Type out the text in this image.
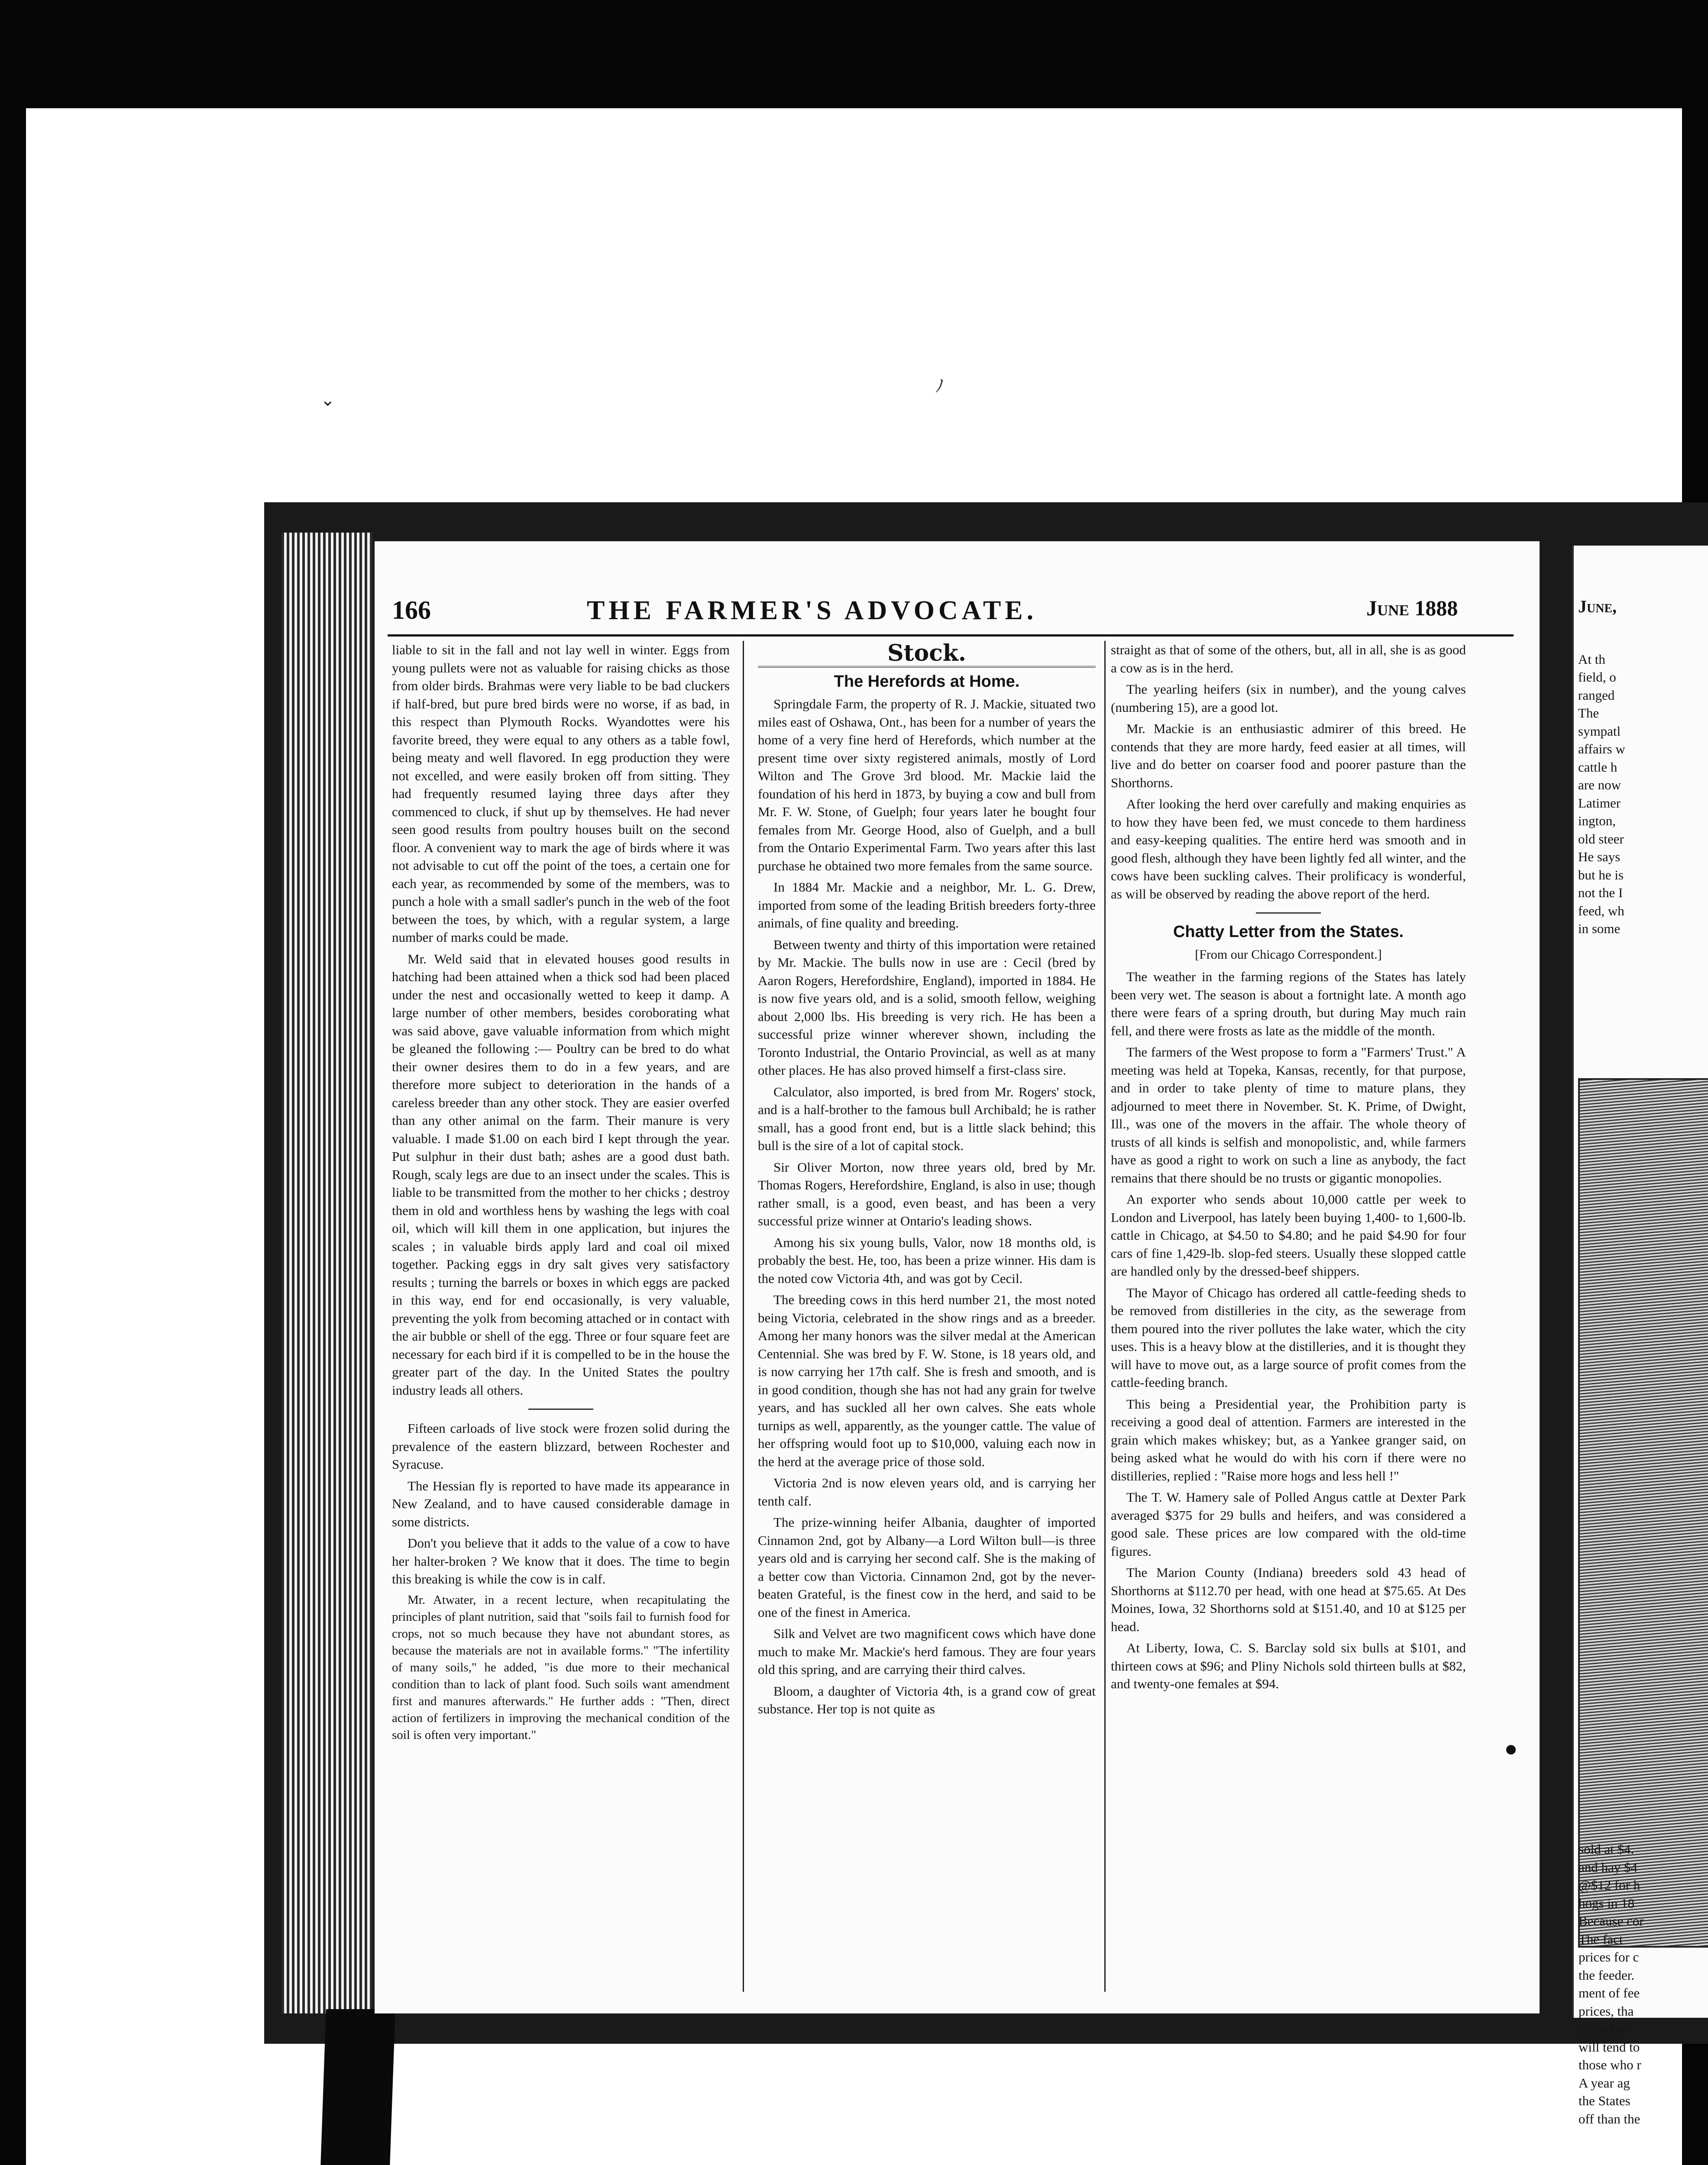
ﾉ
⌄
166	THE FARMER'S ADVOCATE.	June 1888

liable to sit in the fall and not lay well in winter. Eggs from young pullets were not as valuable for raising chicks as those from older birds. Brahmas were very liable to be bad cluckers if half-bred, but pure bred birds were no worse, if as bad, in this respect than Plymouth Rocks. Wyandottes were his favorite breed, they were equal to any others as a table fowl, being meaty and well flavored. In egg production they were not excelled, and were easily broken off from sitting. They had frequently resumed laying three days after they commenced to cluck, if shut up by themselves. He had never seen good results from poultry houses built on the second floor. A convenient way to mark the age of birds where it was not advisable to cut off the point of the toes, a certain one for each year, as recommended by some of the members, was to punch a hole with a small sadler's punch in the web of the foot between the toes, by which, with a regular system, a large number of marks could be made.

Mr. Weld said that in elevated houses good results in hatching had been attained when a thick sod had been placed under the nest and occasionally wetted to keep it damp. A large number of other members, besides coroborating what was said above, gave valuable information from which might be gleaned the following :— Poultry can be bred to do what their owner desires them to do in a few years, and are therefore more subject to deterioration in the hands of a careless breeder than any other stock. They are easier overfed than any other animal on the farm. Their manure is very valuable. I made $1.00 on each bird I kept through the year. Put sulphur in their dust bath; ashes are a good dust bath. Rough, scaly legs are due to an insect under the scales. This is liable to be transmitted from the mother to her chicks ; destroy them in old and worthless hens by washing the legs with coal oil, which will kill them in one application, but injures the scales ; in valuable birds apply lard and coal oil mixed together. Packing eggs in dry salt gives very satisfactory results ; turning the barrels or boxes in which eggs are packed in this way, end for end occasionally, is very valuable, preventing the yolk from becoming attached or in contact with the air bubble or shell of the egg. Three or four square feet are necessary for each bird if it is compelled to be in the house the greater part of the day. In the United States the poultry industry leads all others.

Fifteen carloads of live stock were frozen solid during the prevalence of the eastern blizzard, between Rochester and Syracuse.

The Hessian fly is reported to have made its appearance in New Zealand, and to have caused considerable damage in some districts.

Don't you believe that it adds to the value of a cow to have her halter-broken ? We know that it does. The time to begin this breaking is while the cow is in calf.

Mr. Atwater, in a recent lecture, when recapitulating the principles of plant nutrition, said that "soils fail to furnish food for crops, not so much because they have not abundant stores, as because the materials are not in available forms." "The infertility of many soils," he added, "is due more to their mechanical condition than to lack of plant food. Such soils want amendment first and manures afterwards." He further adds : "Then, direct action of fertilizers in improving the mechanical condition of the soil is often very important."

Stock.
The Herefords at Home.

Springdale Farm, the property of R. J. Mackie, situated two miles east of Oshawa, Ont., has been for a number of years the home of a very fine herd of Herefords, which number at the present time over sixty registered animals, mostly of Lord Wilton and The Grove 3rd blood. Mr. Mackie laid the foundation of his herd in 1873, by buying a cow and bull from Mr. F. W. Stone, of Guelph; four years later he bought four females from Mr. George Hood, also of Guelph, and a bull from the Ontario Experimental Farm. Two years after this last purchase he obtained two more females from the same source.

In 1884 Mr. Mackie and a neighbor, Mr. L. G. Drew, imported from some of the leading British breeders forty-three animals, of fine quality and breeding.

Between twenty and thirty of this importation were retained by Mr. Mackie. The bulls now in use are : Cecil (bred by Aaron Rogers, Herefordshire, England), imported in 1884. He is now five years old, and is a solid, smooth fellow, weighing about 2,000 lbs. His breeding is very rich. He has been a successful prize winner wherever shown, including the Toronto Industrial, the Ontario Provincial, as well as at many other places. He has also proved himself a first-class sire.

Calculator, also imported, is bred from Mr. Rogers' stock, and is a half-brother to the famous bull Archibald; he is rather small, has a good front end, but is a little slack behind; this bull is the sire of a lot of capital stock.

Sir Oliver Morton, now three years old, bred by Mr. Thomas Rogers, Herefordshire, England, is also in use; though rather small, is a good, even beast, and has been a very successful prize winner at Ontario's leading shows.

Among his six young bulls, Valor, now 18 months old, is probably the best. He, too, has been a prize winner. His dam is the noted cow Victoria 4th, and was got by Cecil.

The breeding cows in this herd number 21, the most noted being Victoria, celebrated in the show rings and as a breeder. Among her many honors was the silver medal at the American Centennial. She was bred by F. W. Stone, is 18 years old, and is now carrying her 17th calf. She is fresh and smooth, and is in good condition, though she has not had any grain for twelve years, and has suckled all her own calves. She eats whole turnips as well, apparently, as the younger cattle. The value of her offspring would foot up to $10,000, valuing each now in the herd at the average price of those sold.

Victoria 2nd is now eleven years old, and is carrying her tenth calf.

The prize-winning heifer Albania, daughter of imported Cinnamon 2nd, got by Albany—a Lord Wilton bull—is three years old and is carrying her second calf. She is the making of a better cow than Victoria. Cinnamon 2nd, got by the never-beaten Grateful, is the finest cow in the herd, and said to be one of the finest in America.

Silk and Velvet are two magnificent cows which have done much to make Mr. Mackie's herd famous. They are four years old this spring, and are carrying their third calves.

Bloom, a daughter of Victoria 4th, is a grand cow of great substance. Her top is not quite as

straight as that of some of the others, but, all in all, she is as good a cow as is in the herd.

The yearling heifers (six in number), and the young calves (numbering 15), are a good lot.

Mr. Mackie is an enthusiastic admirer of this breed. He contends that they are more hardy, feed easier at all times, will live and do better on coarser food and poorer pasture than the Shorthorns.

After looking the herd over carefully and making enquiries as to how they have been fed, we must concede to them hardiness and easy-keeping qualities. The entire herd was smooth and in good flesh, although they have been lightly fed all winter, and the cows have been suckling calves. Their prolificacy is wonderful, as will be observed by reading the above report of the herd.

Chatty Letter from the States.
[From our Chicago Correspondent.]

The weather in the farming regions of the States has lately been very wet. The season is about a fortnight late. A month ago there were fears of a spring drouth, but during May much rain fell, and there were frosts as late as the middle of the month.

The farmers of the West propose to form a "Farmers' Trust." A meeting was held at Topeka, Kansas, recently, for that purpose, and in order to take plenty of time to mature plans, they adjourned to meet there in November. St. K. Prime, of Dwight, Ill., was one of the movers in the affair. The whole theory of trusts of all kinds is selfish and monopolistic, and, while farmers have as good a right to work on such a line as anybody, the fact remains that there should be no trusts or gigantic monopolies.

An exporter who sends about 10,000 cattle per week to London and Liverpool, has lately been buying 1,400- to 1,600-lb. cattle in Chicago, at $4.50 to $4.80; and he paid $4.90 for four cars of fine 1,429-lb. slop-fed steers. Usually these slopped cattle are handled only by the dressed-beef shippers.

The Mayor of Chicago has ordered all cattle-feeding sheds to be removed from distilleries in the city, as the sewerage from them poured into the river pollutes the lake water, which the city uses. This is a heavy blow at the distilleries, and it is thought they will have to move out, as a large source of profit comes from the cattle-feeding branch.

This being a Presidential year, the Prohibition party is receiving a good deal of attention. Farmers are interested in the grain which makes whiskey; but, as a Yankee granger said, on being asked what he would do with his corn if there were no distilleries, replied : "Raise more hogs and less hell !"

The T. W. Hamery sale of Polled Angus cattle at Dexter Park averaged $375 for 29 bulls and heifers, and was considered a good sale. These prices are low compared with the old-time figures.

The Marion County (Indiana) breeders sold 43 head of Shorthorns at $112.70 per head, with one head at $75.65. At Des Moines, Iowa, 32 Shorthorns sold at $151.40, and 10 at $125 per head.

At Liberty, Iowa, C. S. Barclay sold six bulls at $101, and thirteen cows at $96; and Pliny Nichols sold thirteen bulls at $82, and twenty-one females at $94.

June,
At th
field, o
ranged
The
sympatl
affairs w
cattle h
are now
Latimer
ington,
old steer
He says
but he is
not the I
feed, wh
in some
sold at $4.
and hay $4
@$12 for h
hogs in 18
Because cor
The fact
prices for c
the feeder.
ment of fee
prices, tha
solved to
will tend to
those who r
A year ag
the States
off than the
